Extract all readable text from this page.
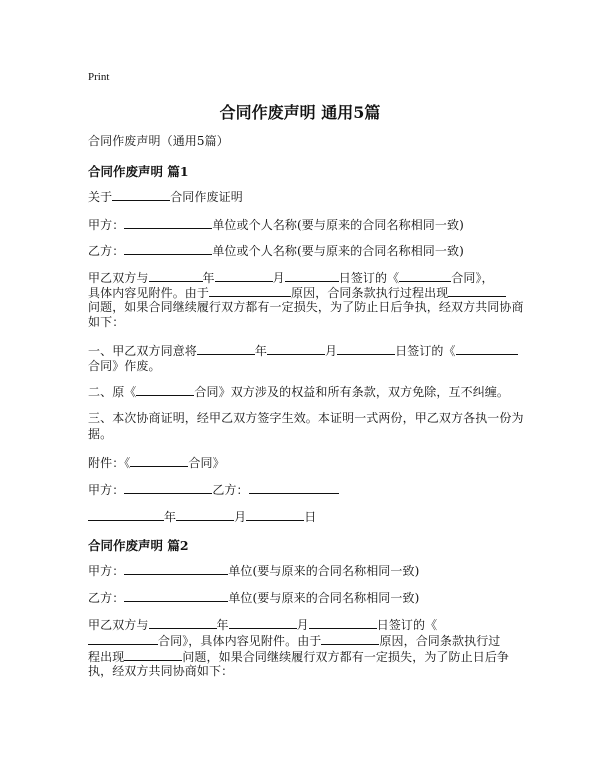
Print
合同作废声明 通用5篇
合同作废声明（通用5篇）
合同作废声明 篇1
关于	合同作废证明
甲方：	单位或个人名称(要与原来的合同名称相同一致)
乙方：	单位或个人名称(要与原来的合同名称相同一致)
甲乙双方与	年	月	日签订的《	合同》，
具体内容见附件。由于	原因，合同条款执行过程出现
问题，如果合同继续履行双方都有一定损失，为了防止日后争执，经双方共同协商
如下：
一、甲乙双方同意将	年	月	日签订的《
合同》作废。
二、原《	合同》双方涉及的权益和所有条款，双方免除，互不纠缠。
三、本次协商证明，经甲乙双方签字生效。本证明一式两份，甲乙双方各执一份为
据。
附件：《	合同》
甲方：	乙方：
年	月	日
合同作废声明 篇2
甲方：	单位(要与原来的合同名称相同一致)
乙方：	单位(要与原来的合同名称相同一致)
甲乙双方与	年	月	日签订的《
合同》，具体内容见附件。由于	原因，合同条款执行过
程出现	问题，如果合同继续履行双方都有一定损失，为了防止日后争
执，经双方共同协商如下：
